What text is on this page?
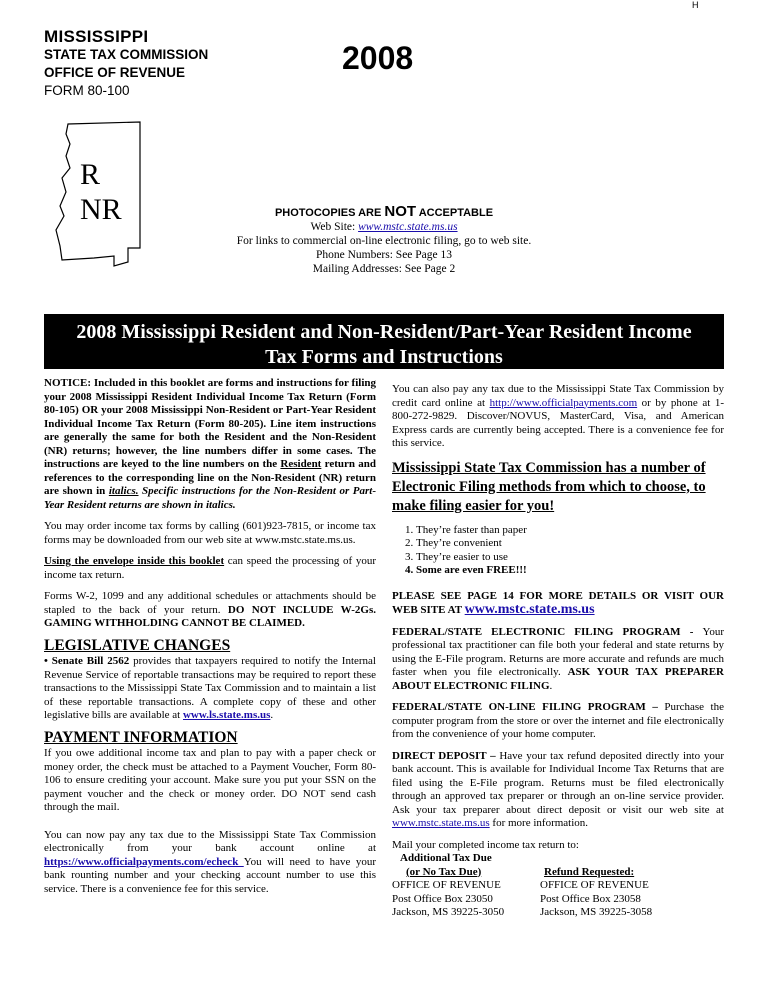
H
MISSISSIPPI
STATE TAX COMMISSION
OFFICE OF REVENUE
FORM 80-100
2008
R
NR	PHOTOCOPIES ARE NOT ACCEPTABLE
Web Site: www.mstc.state.ms.us
For links to commercial on-line electronic filing, go to web site.
Phone Numbers: See Page 13
Mailing Addresses: See Page 2
2008 Mississippi Resident and Non-Resident/Part-Year Resident Income
Tax Forms and Instructions

NOTICE: Included in this booklet are forms and instructions for filing your 2008 Mississippi Resident Individual Income Tax Return (Form 80-105) OR your 2008 Mississippi Non-Resident or Part-Year Resident Individual Income Tax Return (Form 80-205). Line item instructions are generally the same for both the Resident and the Non-Resident (NR) returns; however, the line numbers differ in some cases. The instructions are keyed to the line numbers on the Resident return and references to the corresponding line on the Non-Resident (NR) return are shown in italics. Specific instructions for the Non-Resident or Part-Year Resident returns are shown in italics.

You may order income tax forms by calling (601)923-7815, or income tax forms may be downloaded from our web site at www.mstc.state.ms.us.

Using the envelope inside this booklet can speed the processing of your income tax return.

Forms W-2, 1099 and any additional schedules or attachments should be stapled to the back of your return. DO NOT INCLUDE W-2Gs. GAMING WITHHOLDING CANNOT BE CLAIMED.

LEGISLATIVE CHANGES

• Senate Bill 2562 provides that taxpayers required to notify the Internal Revenue Service of reportable transactions may be required to report these transactions to the Mississippi State Tax Commission and to maintain a list of these reportable transactions. A complete copy of these and other legislative bills are available at www.ls.state.ms.us.

PAYMENT INFORMATION

If you owe additional income tax and plan to pay with a paper check or money order, the check must be attached to a Payment Voucher, Form 80-106 to ensure crediting your account. Make sure you put your SSN on the payment voucher and the check or money order. DO NOT send cash through the mail.

You can now pay any tax due to the Mississippi State Tax Commission electronically from your bank account online at https://www.officialpayments.com/echeck You will need to have your bank rounting number and your checking account number to use this service. There is a convenience fee for this service.

You can also pay any tax due to the Mississippi State Tax Commission by credit card online at http://www.officialpayments.com or by phone at 1-800-272-9829. Discover/NOVUS, MasterCard, Visa, and American Express cards are currently being accepted. There is a convenience fee for this service.

Mississippi State Tax Commission has a number of Electronic Filing methods from which to choose, to make filing easier for you!
1. They’re faster than paper
2. They’re convenient
3. They’re easier to use
4. Some are even FREE!!!

PLEASE SEE PAGE 14 FOR MORE DETAILS OR VISIT OUR WEB SITE AT www.mstc.state.ms.us

FEDERAL/STATE ELECTRONIC FILING PROGRAM - Your professional tax practitioner can file both your federal and state returns by using the E-File program. Returns are more accurate and refunds are much faster when you file electronically. ASK YOUR TAX PREPARER ABOUT ELECTRONIC FILING.

FEDERAL/STATE ON-LINE FILING PROGRAM – Purchase the computer program from the store or over the internet and file electronically from the convenience of your home computer.

DIRECT DEPOSIT – Have your tax refund deposited directly into your bank account. This is available for Individual Income Tax Returns that are filed using the E-File program. Returns must be filed electronically through an approved tax preparer or through an on-line service provider. Ask your tax preparer about direct deposit or visit our web site at www.mstc.state.ms.us for more information.

Mail your completed income tax return to:
Additional Tax Due
(or No Tax Due)
OFFICE OF REVENUE
Post Office Box 23050
Jackson, MS 39225-3050
Refund Requested:
OFFICE OF REVENUE
Post Office Box 23058
Jackson, MS 39225-3058
